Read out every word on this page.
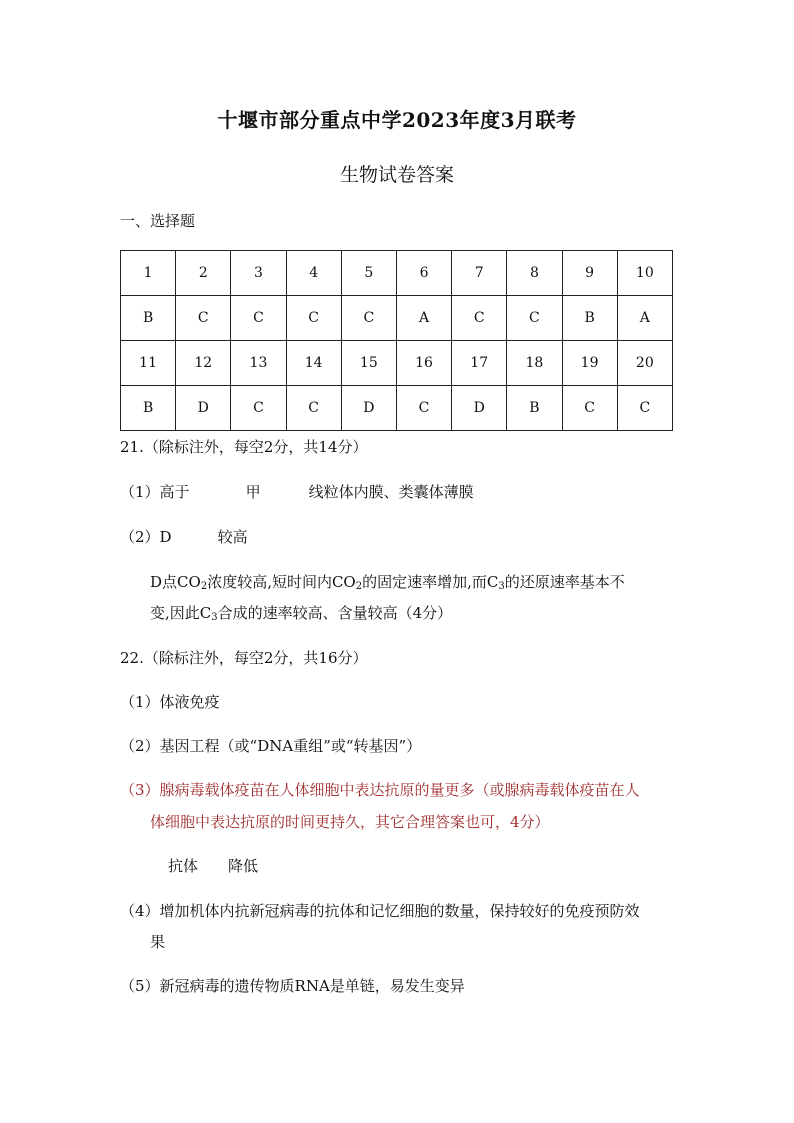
十堰市部分重点中学2023年度3月联考
生物试卷答案
一、选择题
1	2	3	4	5	6	7	8	9	10
B	C	C	C	C	A	C	C	B	A
11	12	13	14	15	16	17	18	19	20
B	D	C	C	D	C	D	B	C	C
21.（除标注外，每空2分，共14分）
（1）高于	甲	线粒体内膜、类囊体薄膜
（2）D	较高
D点$CO_2$浓度较高,短时间内$CO_2$的固定速率增加,而$C_3$的还原速率基本不
变,因此$C_3$合成的速率较高、含量较高（4分）
22.（除标注外，每空2分，共16分）
（1）体液免疫
（2）基因工程（或“DNA重组”或“转基因”）
（3）腺病毒载体疫苗在人体细胞中表达抗原的量更多（或腺病毒载体疫苗在人
体细胞中表达抗原的时间更持久，其它合理答案也可，4分）
抗体 降低
（4）增加机体内抗新冠病毒的抗体和记忆细胞的数量，保持较好的免疫预防效
果
（5）新冠病毒的遗传物质RNA是单链，易发生变异
